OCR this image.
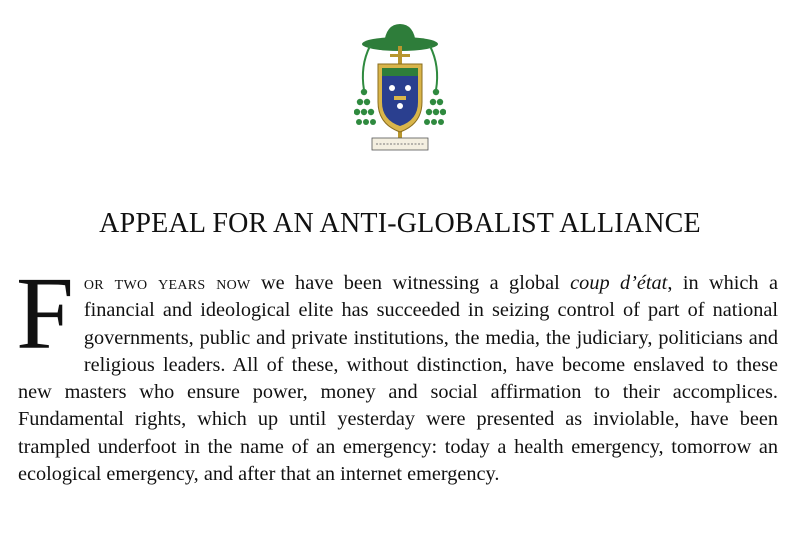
APPEAL FOR AN ANTI-GLOBALIST ALLIANCE

For two years now we have been witnessing a global coup d’état, in which a financial and ideological elite has succeeded in seizing control of part of national governments, public and private institutions, the media, the judiciary, politicians and religious leaders. All of these, without distinction, have become enslaved to these new masters who ensure power, money and social affirmation to their accomplices. Fundamental rights, which up until yesterday were presented as inviolable, have been trampled underfoot in the name of an emergency: today a health emergency, tomorrow an ecological emergency, and after that an internet emergency.
